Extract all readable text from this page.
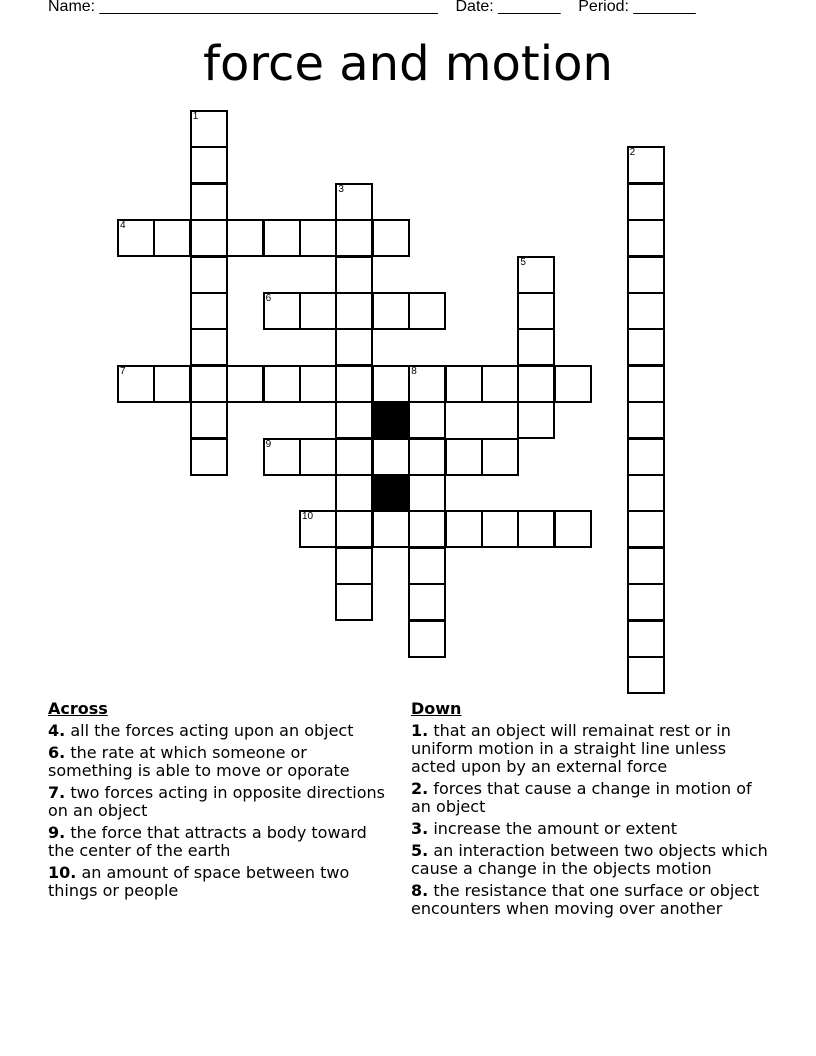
Name: ______________________________________    Date: _______    Period: _______
force and motion
4
6
7	8
9
10
1
2
3
5
Across
4. all the forces acting upon an object
6. the rate at which someone or something is able to move or oporate
7. two forces acting in opposite directions on an object
9. the force that attracts a body toward the center of the earth
10. an amount of space between two things or people
Down
1. that an object will remainat rest or in uniform motion in a straight line unless acted upon by an external force
2. forces that cause a change in motion of an object
3. increase the amount or extent
5. an interaction between two objects which cause a change in the objects motion
8. the resistance that one surface or object encounters when moving over another
